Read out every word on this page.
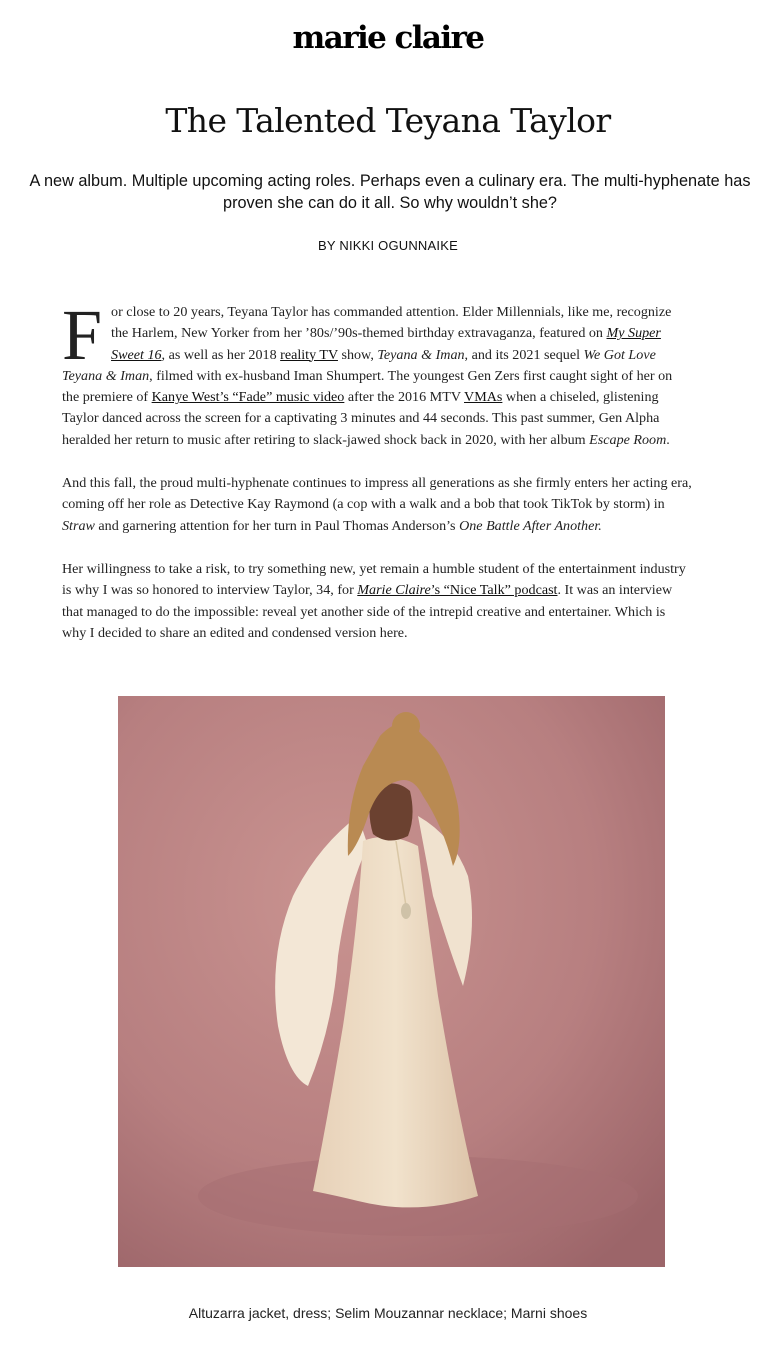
marie claire
The Talented Teyana Taylor

A new album. Multiple upcoming acting roles. Perhaps even a culinary era. The multi-hyphenate has proven she can do it all. So why wouldn’t she?

BY NIKKI OGUNNAIKE

For close to 20 years, Teyana Taylor has commanded attention. Elder Millennials, like me, recognize the Harlem, New Yorker from her ’80s/’90s-themed birthday extravaganza, featured on My Super Sweet 16, as well as her 2018 reality TV show, Teyana & Iman, and its 2021 sequel We Got Love Teyana & Iman, filmed with ex-husband Iman Shumpert. The youngest Gen Zers first caught sight of her on the premiere of Kanye West’s “Fade” music video after the 2016 MTV VMAs when a chiseled, glistening Taylor danced across the screen for a captivating 3 minutes and 44 seconds. This past summer, Gen Alpha heralded her return to music after retiring to slack-jawed shock back in 2020, with her album Escape Room.

And this fall, the proud multi-hyphenate continues to impress all generations as she firmly enters her acting era, coming off her role as Detective Kay Raymond (a cop with a walk and a bob that took TikTok by storm) in Straw and garnering attention for her turn in Paul Thomas Anderson’s One Battle After Another.

Her willingness to take a risk, to try something new, yet remain a humble student of the entertainment industry is why I was so honored to interview Taylor, 34, for Marie Claire’s “Nice Talk” podcast. It was an interview that managed to do the impossible: reveal yet another side of the intrepid creative and entertainer. Which is why I decided to share an edited and condensed version here.

Altuzarra jacket, dress; Selim Mouzannar necklace; Marni shoes
